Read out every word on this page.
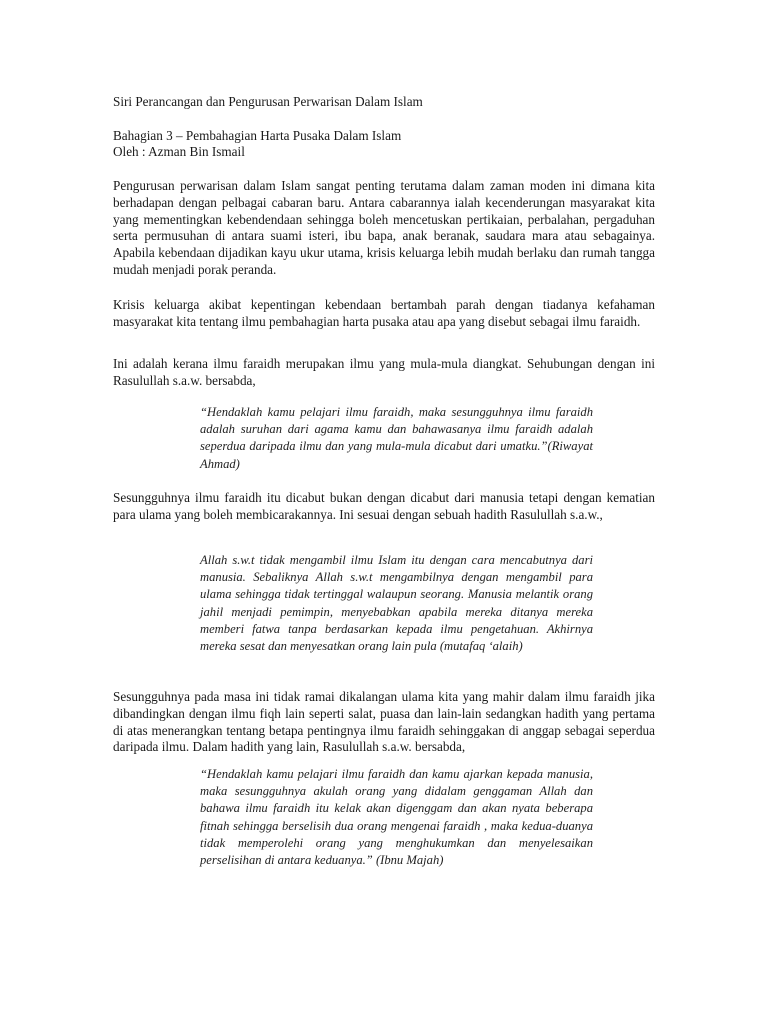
Siri Perancangan dan Pengurusan Perwarisan Dalam Islam
Bahagian 3 – Pembahagian Harta Pusaka Dalam Islam
Oleh : Azman Bin Ismail
Pengurusan perwarisan dalam Islam sangat penting terutama dalam zaman moden ini dimana kita berhadapan dengan pelbagai cabaran baru. Antara cabarannya ialah kecenderungan masyarakat kita yang mementingkan kebendendaan sehingga boleh mencetuskan pertikaian, perbalahan, pergaduhan serta permusuhan di antara suami isteri, ibu bapa, anak beranak, saudara mara atau sebagainya. Apabila kebendaan dijadikan kayu ukur utama, krisis keluarga lebih mudah berlaku dan rumah tangga mudah menjadi porak peranda.
Krisis keluarga akibat kepentingan kebendaan bertambah parah dengan tiadanya kefahaman masyarakat kita tentang ilmu pembahagian harta pusaka atau apa yang disebut sebagai ilmu faraidh.
Ini adalah kerana ilmu faraidh merupakan ilmu yang mula-mula diangkat. Sehubungan dengan ini Rasulullah s.a.w. bersabda,
“Hendaklah kamu pelajari ilmu faraidh, maka sesungguhnya ilmu faraidh adalah suruhan dari agama kamu dan bahawasanya ilmu faraidh adalah seperdua daripada ilmu dan yang mula-mula dicabut dari umatku.”(Riwayat Ahmad)
Sesungguhnya ilmu faraidh itu dicabut bukan dengan dicabut dari manusia tetapi dengan kematian para ulama yang boleh membicarakannya. Ini sesuai dengan sebuah hadith Rasulullah s.a.w.,
Allah s.w.t tidak mengambil ilmu Islam itu dengan cara mencabutnya dari manusia. Sebaliknya Allah s.w.t mengambilnya dengan mengambil para ulama sehingga tidak tertinggal walaupun seorang. Manusia melantik orang jahil menjadi pemimpin, menyebabkan apabila mereka ditanya mereka memberi fatwa tanpa berdasarkan kepada ilmu pengetahuan. Akhirnya mereka sesat dan menyesatkan orang lain pula (mutafaq ‘alaih)
Sesungguhnya pada masa ini tidak ramai dikalangan ulama kita yang mahir dalam ilmu faraidh jika dibandingkan dengan ilmu fiqh lain seperti salat, puasa dan lain-lain sedangkan hadith yang pertama di atas menerangkan tentang betapa pentingnya ilmu faraidh sehinggakan di anggap sebagai seperdua daripada ilmu. Dalam hadith yang lain, Rasulullah s.a.w. bersabda,
“Hendaklah kamu pelajari ilmu faraidh dan kamu ajarkan kepada manusia, maka sesungguhnya akulah orang yang didalam genggaman Allah dan bahawa ilmu faraidh itu kelak akan digenggam dan akan nyata beberapa fitnah sehingga berselisih dua orang mengenai faraidh , maka kedua-duanya tidak memperolehi orang yang menghukumkan dan menyelesaikan perselisihan di antara keduanya.” (Ibnu Majah)
